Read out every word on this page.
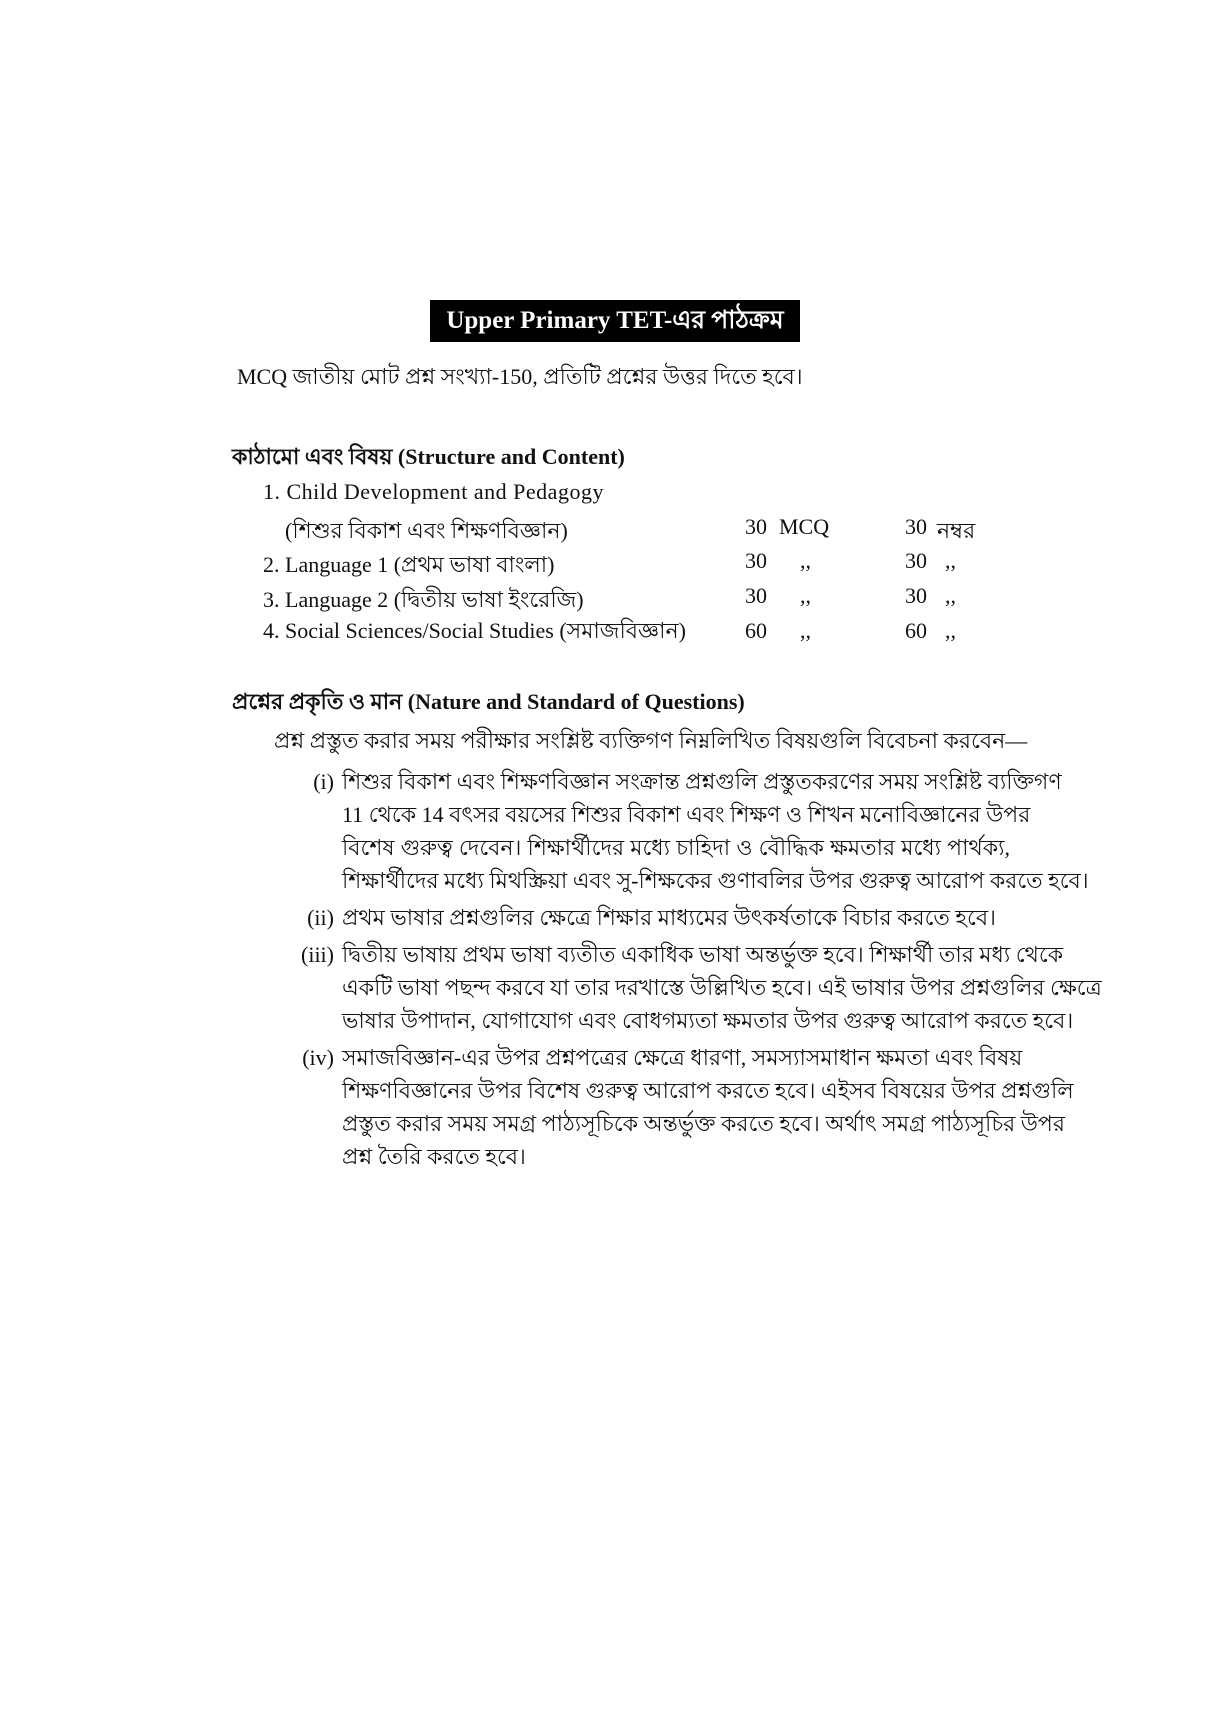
Upper Primary TET-এর পাঠক্রম
MCQ জাতীয় মোট প্রশ্ন সংখ্যা-150, প্রতিটি প্রশ্নের উত্তর দিতে হবে।
কাঠামো এবং বিষয় (Structure and Content)
1. Child Development and Pedagogy
(শিশুর বিকাশ এবং শিক্ষণবিজ্ঞান)	30 MCQ	30 নম্বর
2. Language 1 (প্রথম ভাষা বাংলা)	30 ,,	30 ,,
3. Language 2 (দ্বিতীয় ভাষা ইংরেজি)	30 ,,	30 ,,
4. Social Sciences/Social Studies (সমাজবিজ্ঞান)	60 ,,	60 ,,
প্রশ্নের প্রকৃতি ও মান (Nature and Standard of Questions)
প্রশ্ন প্রস্তুত করার সময় পরীক্ষার সংশ্লিষ্ট ব্যক্তিগণ নিম্নলিখিত বিষয়গুলি বিবেচনা করবেন—
(i) শিশুর বিকাশ এবং শিক্ষণবিজ্ঞান সংক্রান্ত প্রশ্নগুলি প্রস্তুতকরণের সময় সংশ্লিষ্ট ব্যক্তিগণ
11 থেকে 14 বৎসর বয়সের শিশুর বিকাশ এবং শিক্ষণ ও শিখন মনোবিজ্ঞানের উপর
বিশেষ গুরুত্ব দেবেন। শিক্ষার্থীদের মধ্যে চাহিদা ও বৌদ্ধিক ক্ষমতার মধ্যে পার্থক্য,
শিক্ষার্থীদের মধ্যে মিথস্ক্রিয়া এবং সু-শিক্ষকের গুণাবলির উপর গুরুত্ব আরোপ করতে হবে।
(ii) প্রথম ভাষার প্রশ্নগুলির ক্ষেত্রে শিক্ষার মাধ্যমের উৎকর্ষতাকে বিচার করতে হবে।
(iii) দ্বিতীয় ভাষায় প্রথম ভাষা ব্যতীত একাধিক ভাষা অন্তর্ভুক্ত হবে। শিক্ষার্থী তার মধ্য থেকে
একটি ভাষা পছন্দ করবে যা তার দরখাস্তে উল্লিখিত হবে। এই ভাষার উপর প্রশ্নগুলির ক্ষেত্রে
ভাষার উপাদান, যোগাযোগ এবং বোধগম্যতা ক্ষমতার উপর গুরুত্ব আরোপ করতে হবে।
(iv) সমাজবিজ্ঞান-এর উপর প্রশ্নপত্রের ক্ষেত্রে ধারণা, সমস্যাসমাধান ক্ষমতা এবং বিষয়
শিক্ষণবিজ্ঞানের উপর বিশেষ গুরুত্ব আরোপ করতে হবে। এইসব বিষয়ের উপর প্রশ্নগুলি
প্রস্তুত করার সময় সমগ্র পাঠ্যসূচিকে অন্তর্ভুক্ত করতে হবে। অর্থাৎ সমগ্র পাঠ্যসূচির উপর
প্রশ্ন তৈরি করতে হবে।
